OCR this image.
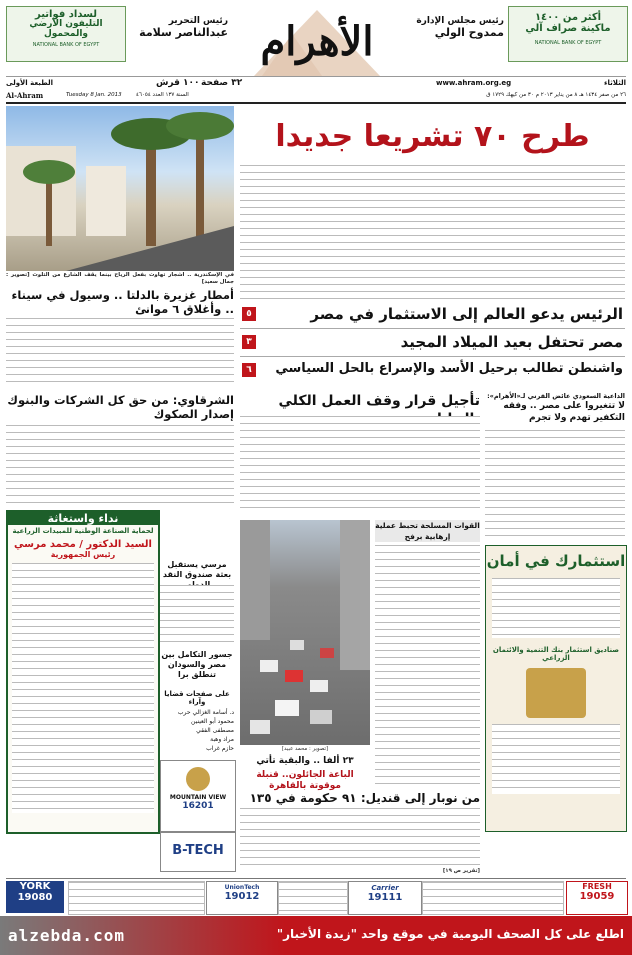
لسداد فواتير
التليفون الأرضي
والمحمول
NATIONAL BANK OF EGYPT
رئيس التحرير
عبدالناصر سلامة الأهرام	رئيس مجلس الإدارة
ممدوح الولي
أكثر من ١٤٠٠
ماكينة صراف آلي
NATIONAL BANK OF EGYPT
الطبعة الأولى	٣٢ صفحة
١٠٠ قرش	www.ahram.org.eg	الثلاثاء
Al-Ahram	Tuesday 8 Jan. 2013	السنة ١٣٧ العدد ٤٦٠٥٤	٢٦ من صفر ١٤٣٤ هـ ٨ من يناير ٢٠١٣ م ٣٠ من كيهك ١٧٢٩ ق
طرح ٧٠ تشريعا جديدا
في الإسكندرية .. أشجار تهاوت بفعل الرياح بينما يقف الشارع من التلوث [تصوير : جمال سعيد]
٥	الرئيس يدعو العالم إلى الاستثمار في مصر
٣	مصر تحتفل بعيد الميلاد المجيد
٦	واشنطن تطالب برحيل الأسد والإسراع بالحل السياسي
أمطار غزيرة بالدلتا .. وسيول في سيناء .. وأغلاق ٦ موانئ
الشرقاوي: من حق كل الشركات والبنوك إصدار الصكوك
تأجيل قرار وقف العمل الكلي	الداعية السعودي عائض القرني لـ«الأهرام»:
لا تتغيروا على مصر .. وفقه التكفير تهدم ولا تجرم
نداء واستغاثة
لحماية الصناعة الوطنية للمبيدات الزراعية
السيد الدكتور / محمد مرسي
رئيس الجمهورية
مرسي يستقبل بعثة صندوق النقد
جسور التكامل بين مصر والسودان تنطلق برا
على صفحات قضايا وآراء
د. أسامة الغزالي حرب
محمود أبو العينين
مصطفى الفقي
مراد وهبة
حازم غراب
MOUNTAIN VIEW
16201
[تصوير : محمد عبيد]
٢٣ ألفا .. والبقية تأتي
الباعة الجائلون.. قنبلة موقوتة بالقاهرة
القوات المسلحة تحبط عملية إرهابية برفح
استثمارك في أمان
صناديق استثمار بنك التنمية والائتمان الزراعي
من نوبار إلى قنديل: ٩١ حكومة في ١٣٥
[تقرير ص ١٩]
B-TECH
YORK
19080
UnionTech
19012
Carrier
19111
FRESH
19059
alzebda.com	اطلع على كل الصحف اليومية في موقع واحد "زيدة الأخبار"
